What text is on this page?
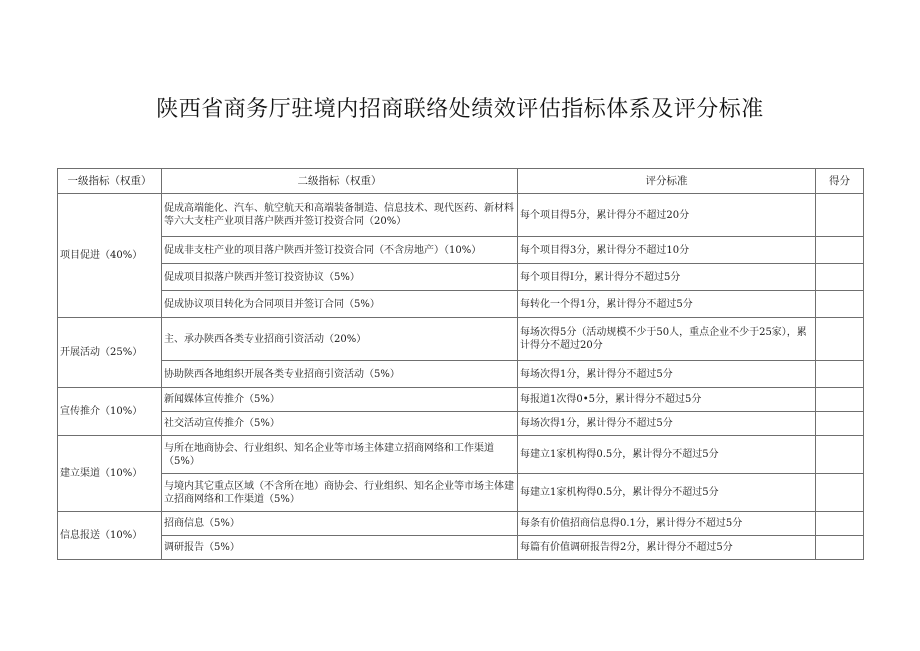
陕西省商务厅驻境内招商联络处绩效评估指标体系及评分标准
一级指标（权重）	二级指标（权重）	评分标准	得分
项目促进（40%）	促成高端能化、汽车、航空航天和高端装备制造、信息技术、现代医药、新材料等六大支柱产业项目落户陕西并签订投资合同（20%）	每个项目得5分，累计得分不超过20分	
	促成非支柱产业的项目落户陕西并签订投资合同（不含房地产）（10%）	每个项目得3分，累计得分不超过10分	
	促成项目拟落户陕西并签订投资协议（5%）	每个项目得I分，累计得分不超过5分	
	促成协议项目转化为合同项目并签订合同（5%）	每转化一个得1分，累计得分不超过5分	
开展活动（25%）	主、承办陕西各类专业招商引资活动（20%）	每场次得5分（活动规模不少于50人，重点企业不少于25家），累计得分不超过20分	
	协助陕西各地组织开展各类专业招商引资活动（5%）	每场次得1分，累计得分不超过5分	
宣传推介（10%）	新闻媒体宣传推介（5%）	每报道1次得0•5分，累计得分不超过5分	
	社交活动宣传推介（5%）	每场次得1分，累计得分不超过5分	
建立渠道（10%）	与所在地商协会、行业组织、知名企业等市场主体建立招商网络和工作渠道（5%）	每建立1家机构得0.5分，累计得分不超过5分	
	与境内其它重点区域（不含所在地）商协会、行业组织、知名企业等市场主体建立招商网络和工作渠道（5%）	每建立1家机构得0.5分，累计得分不超过5分	
信息报送（10%）	招商信息（5%）	每条有价值招商信息得0.1分，累计得分不超过5分	
	调研报告（5%）	每篇有价值调研报告得2分，累计得分不超过5分	
